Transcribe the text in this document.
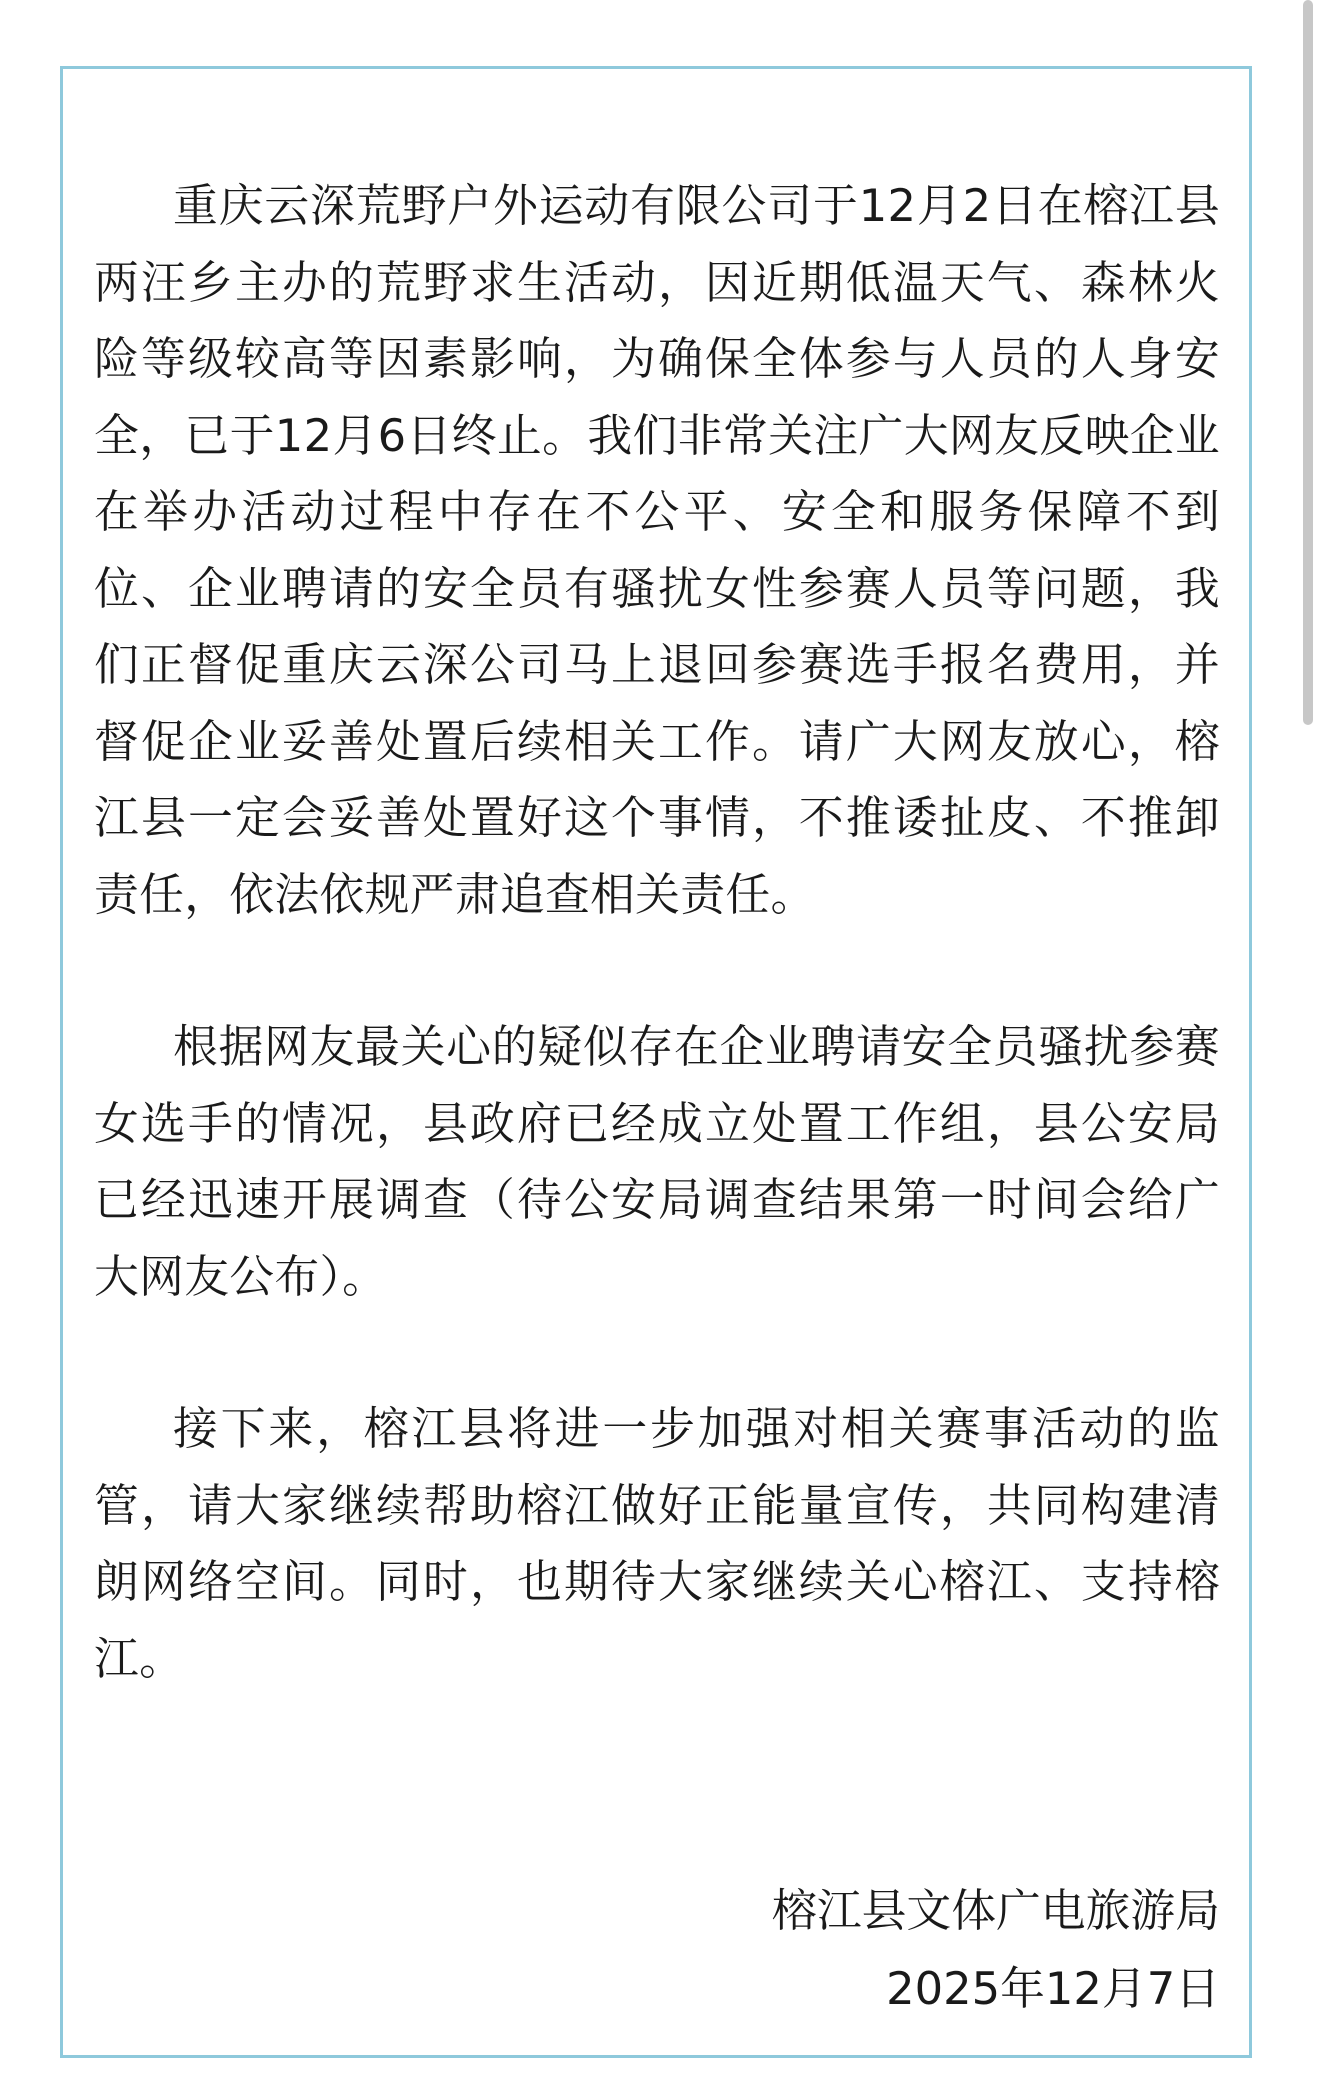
重庆云深荒野户外运动有限公司于12月2日在榕江县两汪乡主办的荒野求生活动，因近期低温天气、森林火险等级较高等因素影响，为确保全体参与人员的人身安全，已于12月6日终止。我们非常关注广大网友反映企业在举办活动过程中存在不公平、安全和服务保障不到位、企业聘请的安全员有骚扰女性参赛人员等问题，我们正督促重庆云深公司马上退回参赛选手报名费用，并督促企业妥善处置后续相关工作。请广大网友放心，榕江县一定会妥善处置好这个事情，不推诿扯皮、不推卸责任，依法依规严肃追查相关责任。

根据网友最关心的疑似存在企业聘请安全员骚扰参赛女选手的情况，县政府已经成立处置工作组，县公安局已经迅速开展调查（待公安局调查结果第一时间会给广大网友公布）。

接下来，榕江县将进一步加强对相关赛事活动的监管，请大家继续帮助榕江做好正能量宣传，共同构建清朗网络空间。同时，也期待大家继续关心榕江、支持榕江。

榕江县文体广电旅游局
2025年12月7日
